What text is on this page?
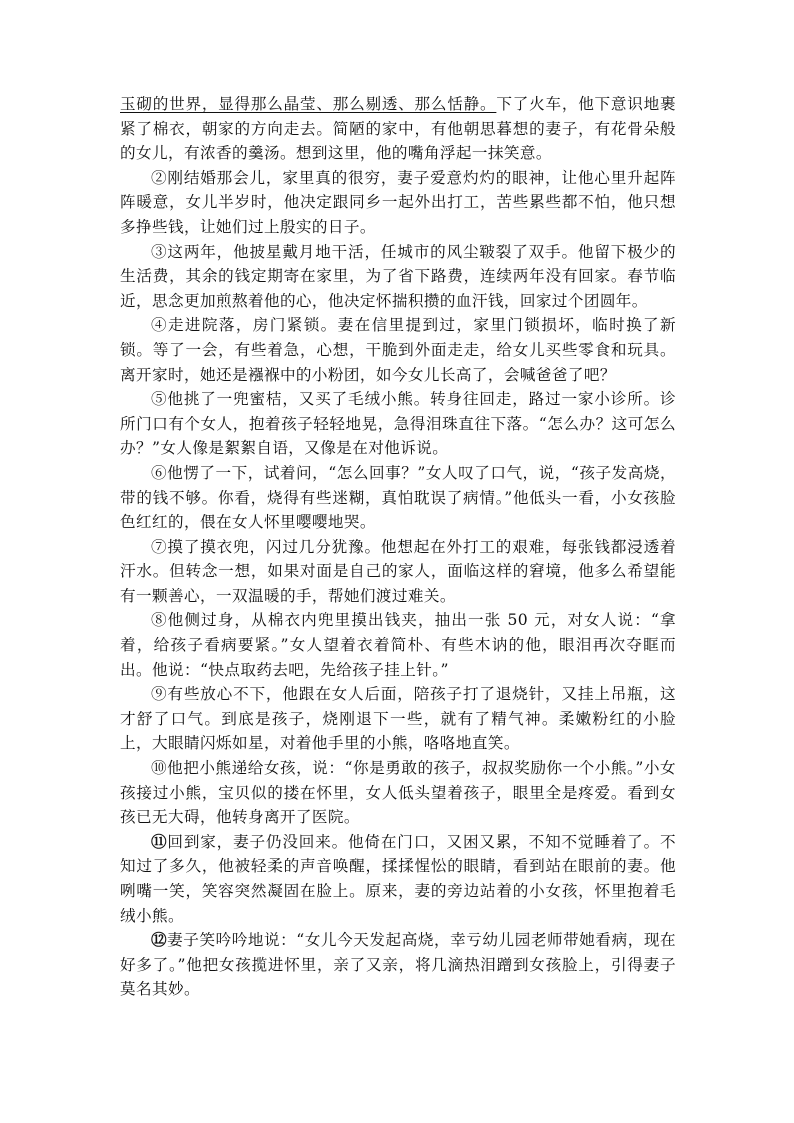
玉砌的世界，显得那么晶莹、那么剔透、那么恬静。下了火车，他下意识地裹紧了棉衣，朝家的方向走去。简陋的家中，有他朝思暮想的妻子，有花骨朵般的女儿，有浓香的羹汤。想到这里，他的嘴角浮起一抹笑意。

②刚结婚那会儿，家里真的很穷，妻子爱意灼灼的眼神，让他心里升起阵阵暖意，女儿半岁时，他决定跟同乡一起外出打工，苦些累些都不怕，他只想多挣些钱，让她们过上殷实的日子。

③这两年，他披星戴月地干活，任城市的风尘皲裂了双手。他留下极少的生活费，其余的钱定期寄在家里，为了省下路费，连续两年没有回家。春节临近，思念更加煎熬着他的心，他决定怀揣积攒的血汗钱，回家过个团圆年。

④走进院落，房门紧锁。妻在信里提到过，家里门锁损坏，临时换了新锁。等了一会，有些着急，心想，干脆到外面走走，给女儿买些零食和玩具。离开家时，她还是襁褓中的小粉团，如今女儿长高了，会喊爸爸了吧？

⑤他挑了一兜蜜桔，又买了毛绒小熊。转身往回走，路过一家小诊所。诊所门口有个女人，抱着孩子轻轻地晃，急得泪珠直往下落。“怎么办？这可怎么办？”女人像是絮絮自语，又像是在对他诉说。

⑥他愣了一下，试着问，“怎么回事？”女人叹了口气，说，“孩子发高烧，带的钱不够。你看，烧得有些迷糊，真怕耽误了病情。”他低头一看，小女孩脸色红红的，偎在女人怀里嘤嘤地哭。

⑦摸了摸衣兜，闪过几分犹豫。他想起在外打工的艰难，每张钱都浸透着汗水。但转念一想，如果对面是自己的家人，面临这样的窘境，他多么希望能有一颗善心，一双温暖的手，帮她们渡过难关。

⑧他侧过身，从棉衣内兜里摸出钱夹，抽出一张 50 元，对女人说：“拿着，给孩子看病要紧。”女人望着衣着简朴、有些木讷的他，眼泪再次夺眶而出。他说：“快点取药去吧，先给孩子挂上针。”

⑨有些放心不下，他跟在女人后面，陪孩子打了退烧针，又挂上吊瓶，这才舒了口气。到底是孩子，烧刚退下一些，就有了精气神。柔嫩粉红的小脸上，大眼睛闪烁如星，对着他手里的小熊，咯咯地直笑。

⑩他把小熊递给女孩，说：“你是勇敢的孩子，叔叔奖励你一个小熊。”小女孩接过小熊，宝贝似的搂在怀里，女人低头望着孩子，眼里全是疼爱。看到女孩已无大碍，他转身离开了医院。

⑪回到家，妻子仍没回来。他倚在门口，又困又累，不知不觉睡着了。不知过了多久，他被轻柔的声音唤醒，揉揉惺忪的眼睛，看到站在眼前的妻。他咧嘴一笑，笑容突然凝固在脸上。原来，妻的旁边站着的小女孩，怀里抱着毛绒小熊。

⑫妻子笑吟吟地说：“女儿今天发起高烧，幸亏幼儿园老师带她看病，现在好多了。”他把女孩揽进怀里，亲了又亲，将几滴热泪蹭到女孩脸上，引得妻子莫名其妙。
